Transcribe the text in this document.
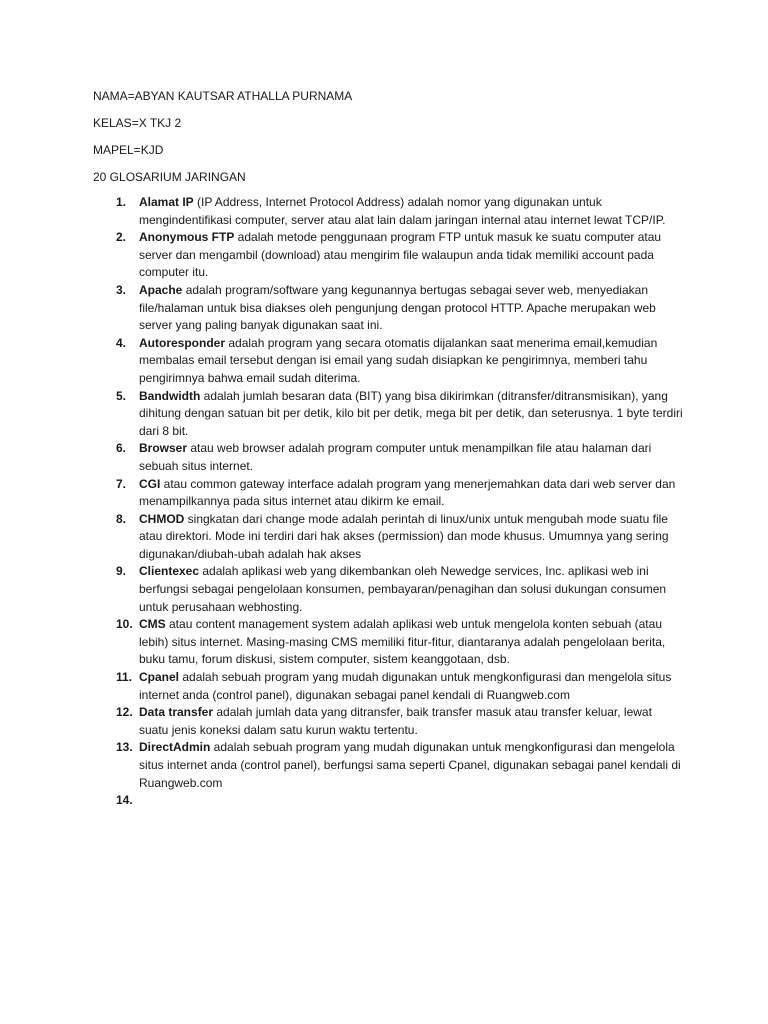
NAMA=ABYAN KAUTSAR ATHALLA PURNAMA

KELAS=X TKJ 2

MAPEL=KJD

20 GLOSARIUM JARINGAN

1. Alamat IP (IP Address, Internet Protocol Address) adalah nomor yang digunakan untuk mengindentifikasi computer, server atau alat lain dalam jaringan internal atau internet lewat TCP/IP.
2. Anonymous FTP adalah metode penggunaan program FTP untuk masuk ke suatu computer atau server dan mengambil (download) atau mengirim file walaupun anda tidak memiliki account pada computer itu.
3. Apache adalah program/software yang kegunannya bertugas sebagai sever web, menyediakan file/halaman untuk bisa diakses oleh pengunjung dengan protocol HTTP. Apache merupakan web server yang paling banyak digunakan saat ini.
4. Autoresponder adalah program yang secara otomatis dijalankan saat menerima email,kemudian membalas email tersebut dengan isi email yang sudah disiapkan ke pengirimnya, memberi tahu pengirimnya bahwa email sudah diterima.
5. Bandwidth adalah jumlah besaran data (BIT) yang bisa dikirimkan (ditransfer/ditransmisikan), yang dihitung dengan satuan bit per detik, kilo bit per detik, mega bit per detik, dan seterusnya. 1 byte terdiri dari 8 bit.
6. Browser atau web browser adalah program computer untuk menampilkan file atau halaman dari sebuah situs internet.
7. CGI atau common gateway interface adalah program yang menerjemahkan data dari web server dan menampilkannya pada situs internet atau dikirm ke email.
8. CHMOD singkatan dari change mode adalah perintah di linux/unix untuk mengubah mode suatu file atau direktori. Mode ini terdiri dari hak akses (permission) dan mode khusus. Umumnya yang sering digunakan/diubah-ubah adalah hak akses
9. Clientexec adalah aplikasi web yang dikembankan oleh Newedge services, Inc. aplikasi web ini berfungsi sebagai pengelolaan konsumen, pembayaran/penagihan dan solusi dukungan consumen untuk perusahaan webhosting.
10. CMS atau content management system adalah aplikasi web untuk mengelola konten sebuah (atau lebih) situs internet. Masing-masing CMS memiliki fitur-fitur, diantaranya adalah pengelolaan berita, buku tamu, forum diskusi, sistem computer, sistem keanggotaan, dsb.
11. Cpanel adalah sebuah program yang mudah digunakan untuk mengkonfigurasi dan mengelola situs internet anda (control panel), digunakan sebagai panel kendali di Ruangweb.com
12. Data transfer adalah jumlah data yang ditransfer, baik transfer masuk atau transfer keluar, lewat suatu jenis koneksi dalam satu kurun waktu tertentu.
13. DirectAdmin adalah sebuah program yang mudah digunakan untuk mengkonfigurasi dan mengelola situs internet anda (control panel), berfungsi sama seperti Cpanel, digunakan sebagai panel kendali di Ruangweb.com
14.
